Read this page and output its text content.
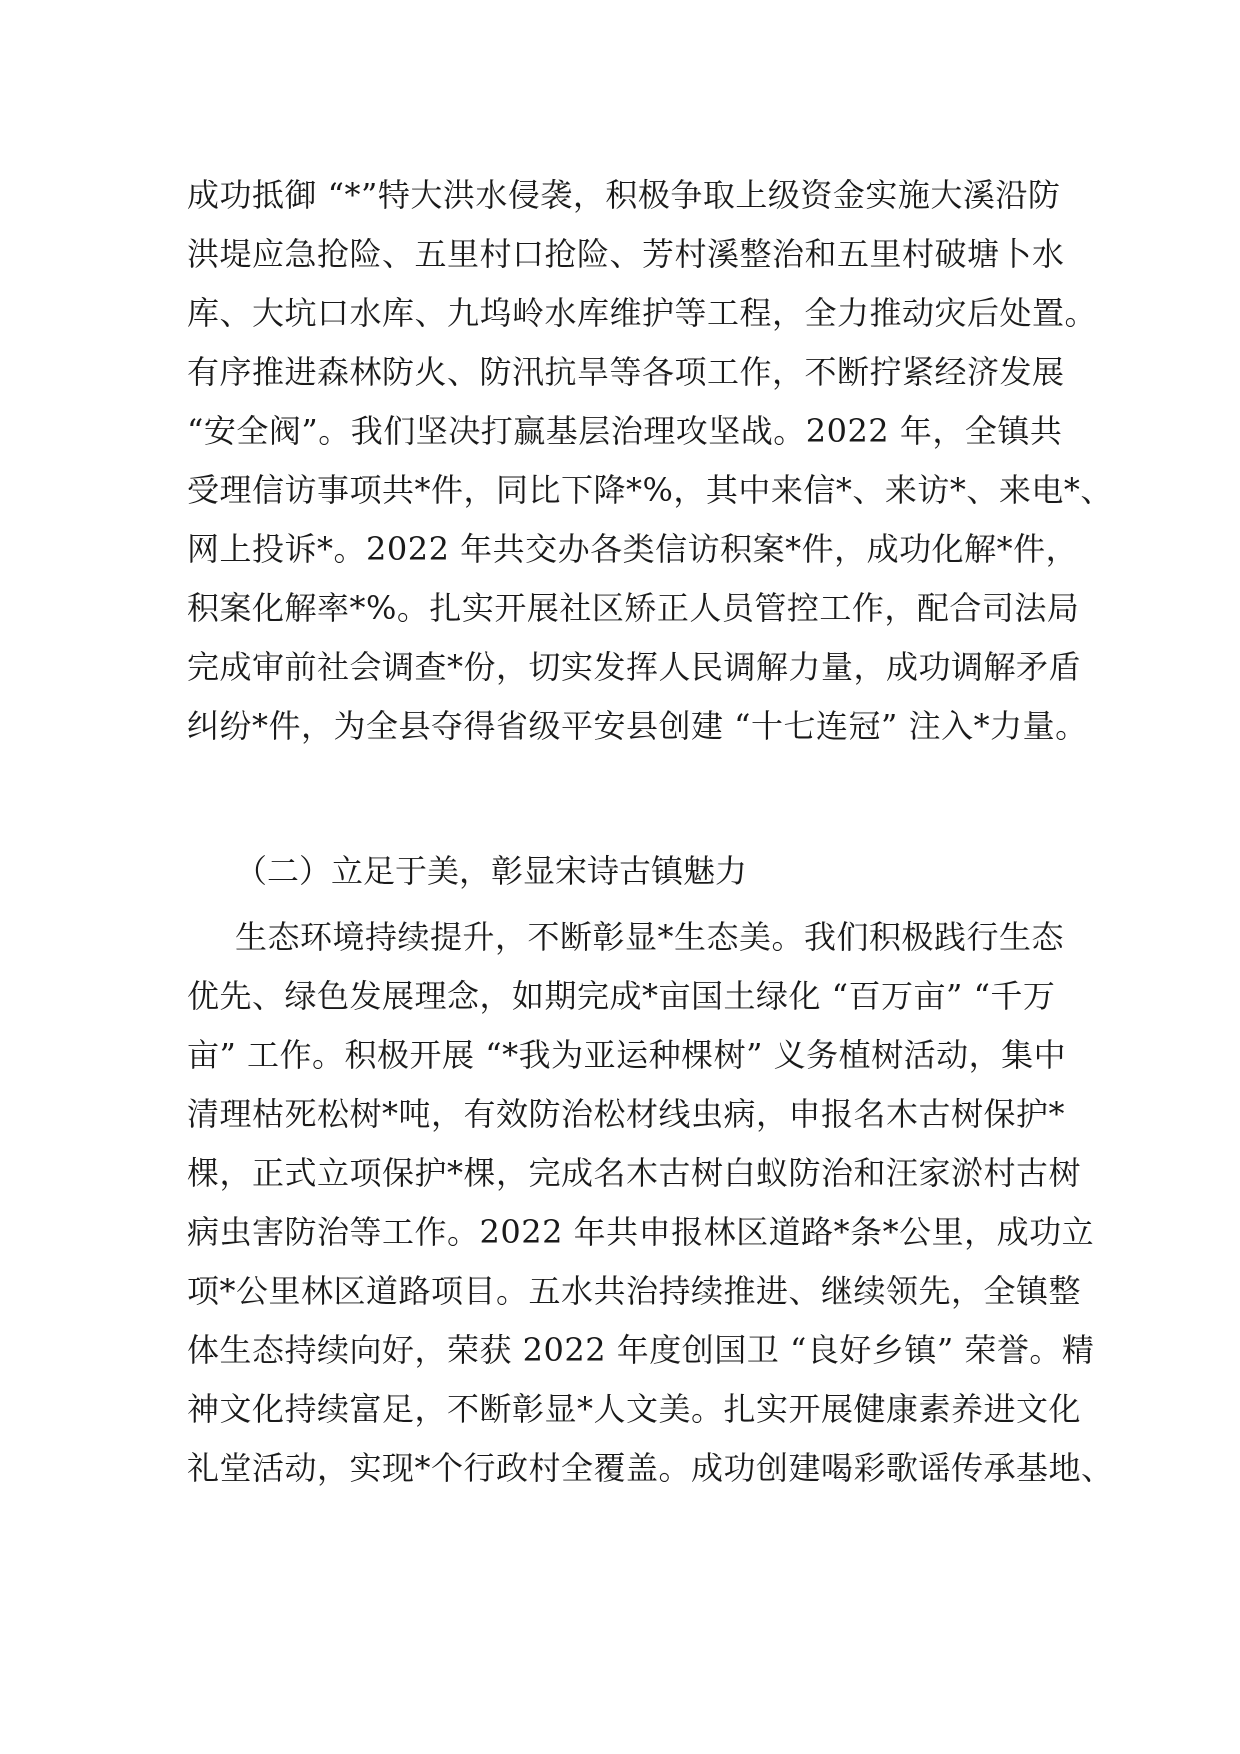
成功抵御 “*”特大洪水侵袭，积极争取上级资金实施大溪沿防
洪堤应急抢险、五里村口抢险、芳村溪整治和五里村破塘卜水
库、大坑口水库、九坞岭水库维护等工程，全力推动灾后处置。
有序推进森林防火、防汛抗旱等各项工作，不断拧紧经济发展
“安全阀”。我们坚决打赢基层治理攻坚战。2022 年，全镇共
受理信访事项共*件，同比下降*%，其中来信*、来访*、来电*、
网上投诉*。2022 年共交办各类信访积案*件，成功化解*件，
积案化解率*%。扎实开展社区矫正人员管控工作，配合司法局
完成审前社会调查*份，切实发挥人民调解力量，成功调解矛盾
纠纷*件，为全县夺得省级平安县创建 “十七连冠” 注入*力量。
（二）立足于美，彰显宋诗古镇魅力
生态环境持续提升，不断彰显*生态美。我们积极践行生态
优先、绿色发展理念，如期完成*亩国土绿化 “百万亩” “千万
亩” 工作。积极开展 “*我为亚运种棵树” 义务植树活动，集中
清理枯死松树*吨，有效防治松材线虫病，申报名木古树保护*
棵，正式立项保护*棵，完成名木古树白蚁防治和汪家淤村古树
病虫害防治等工作。2022 年共申报林区道路*条*公里，成功立
项*公里林区道路项目。五水共治持续推进、继续领先，全镇整
体生态持续向好，荣获 2022 年度创国卫 “良好乡镇” 荣誉。精
神文化持续富足，不断彰显*人文美。扎实开展健康素养进文化
礼堂活动，实现*个行政村全覆盖。成功创建喝彩歌谣传承基地、
